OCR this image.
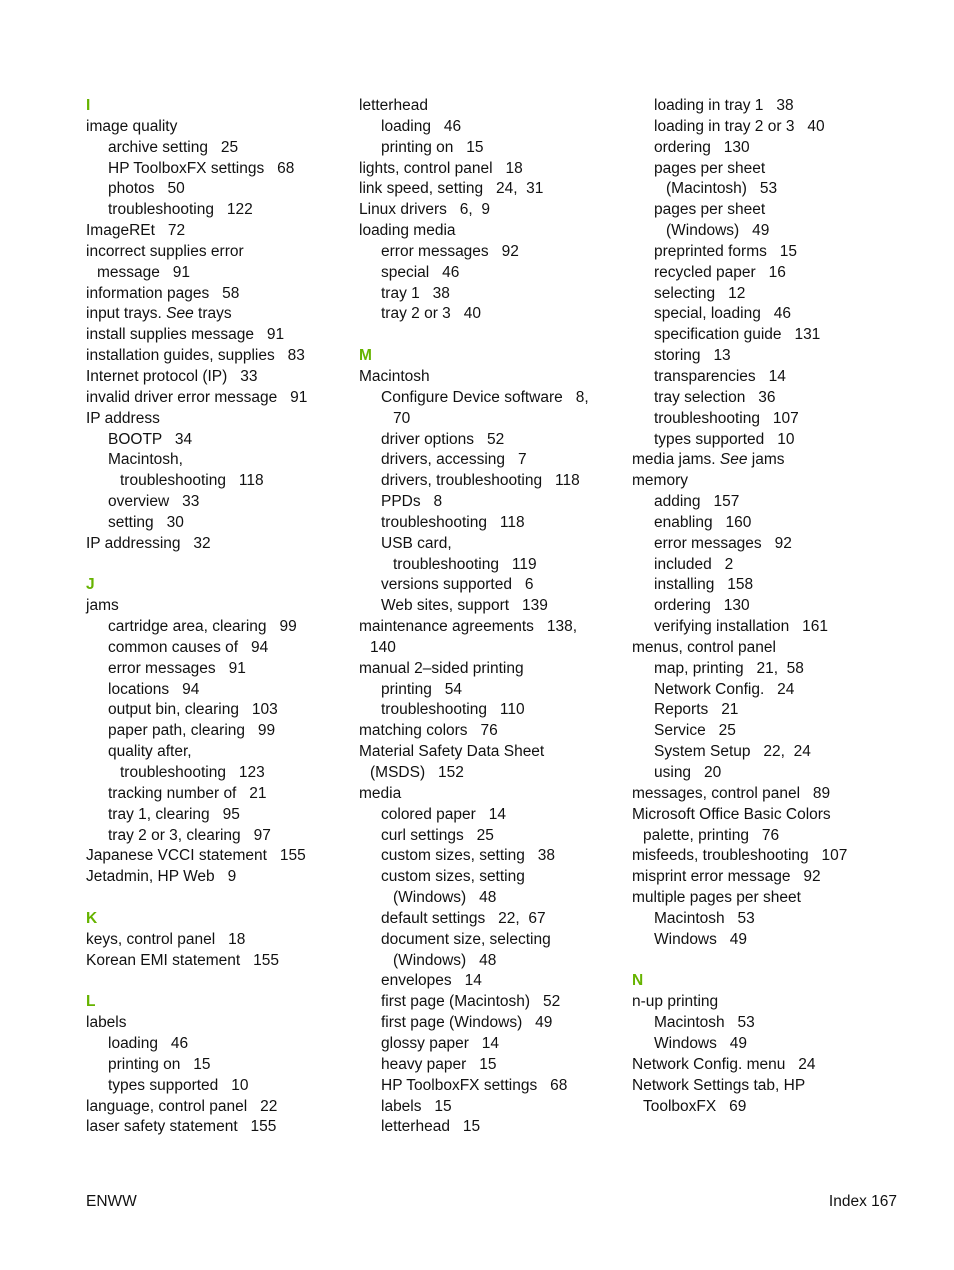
I
image quality
archive setting   25
HP ToolboxFX settings   68
photos   50
troubleshooting   122
ImageREt   72
incorrect supplies error
message   91
information pages   58
input trays. See trays
install supplies message   91
installation guides, supplies   83
Internet protocol (IP)   33
invalid driver error message   91
IP address
BOOTP   34
Macintosh,
troubleshooting   118
overview   33
setting   30
IP addressing   32
J
jams
cartridge area, clearing   99
common causes of   94
error messages   91
locations   94
output bin, clearing   103
paper path, clearing   99
quality after,
troubleshooting   123
tracking number of   21
tray 1, clearing   95
tray 2 or 3, clearing   97
Japanese VCCI statement   155
Jetadmin, HP Web   9
K
keys, control panel   18
Korean EMI statement   155
L
labels
loading   46
printing on   15
types supported   10
language, control panel   22
laser safety statement   155
letterhead
loading   46
printing on   15
lights, control panel   18
link speed, setting   24,  31
Linux drivers   6,  9
loading media
error messages   92
special   46
tray 1   38
tray 2 or 3   40
M
Macintosh
Configure Device software   8,
70
driver options   52
drivers, accessing   7
drivers, troubleshooting   118
PPDs   8
troubleshooting   118
USB card,
troubleshooting   119
versions supported   6
Web sites, support   139
maintenance agreements   138,
140
manual 2–sided printing
printing   54
troubleshooting   110
matching colors   76
Material Safety Data Sheet
(MSDS)   152
media
colored paper   14
curl settings   25
custom sizes, setting   38
custom sizes, setting
(Windows)   48
default settings   22,  67
document size, selecting
(Windows)   48
envelopes   14
first page (Macintosh)   52
first page (Windows)   49
glossy paper   14
heavy paper   15
HP ToolboxFX settings   68
labels   15
letterhead   15
loading in tray 1   38
loading in tray 2 or 3   40
ordering   130
pages per sheet
(Macintosh)   53
pages per sheet
(Windows)   49
preprinted forms   15
recycled paper   16
selecting   12
special, loading   46
specification guide   131
storing   13
transparencies   14
tray selection   36
troubleshooting   107
types supported   10
media jams. See jams
memory
adding   157
enabling   160
error messages   92
included   2
installing   158
ordering   130
verifying installation   161
menus, control panel
map, printing   21,  58
Network Config.   24
Reports   21
Service   25
System Setup   22,  24
using   20
messages, control panel   89
Microsoft Office Basic Colors
palette, printing   76
misfeeds, troubleshooting   107
misprint error message   92
multiple pages per sheet
Macintosh   53
Windows   49
N
n-up printing
Macintosh   53
Windows   49
Network Config. menu   24
Network Settings tab, HP
ToolboxFX   69
ENWW	Index 167
